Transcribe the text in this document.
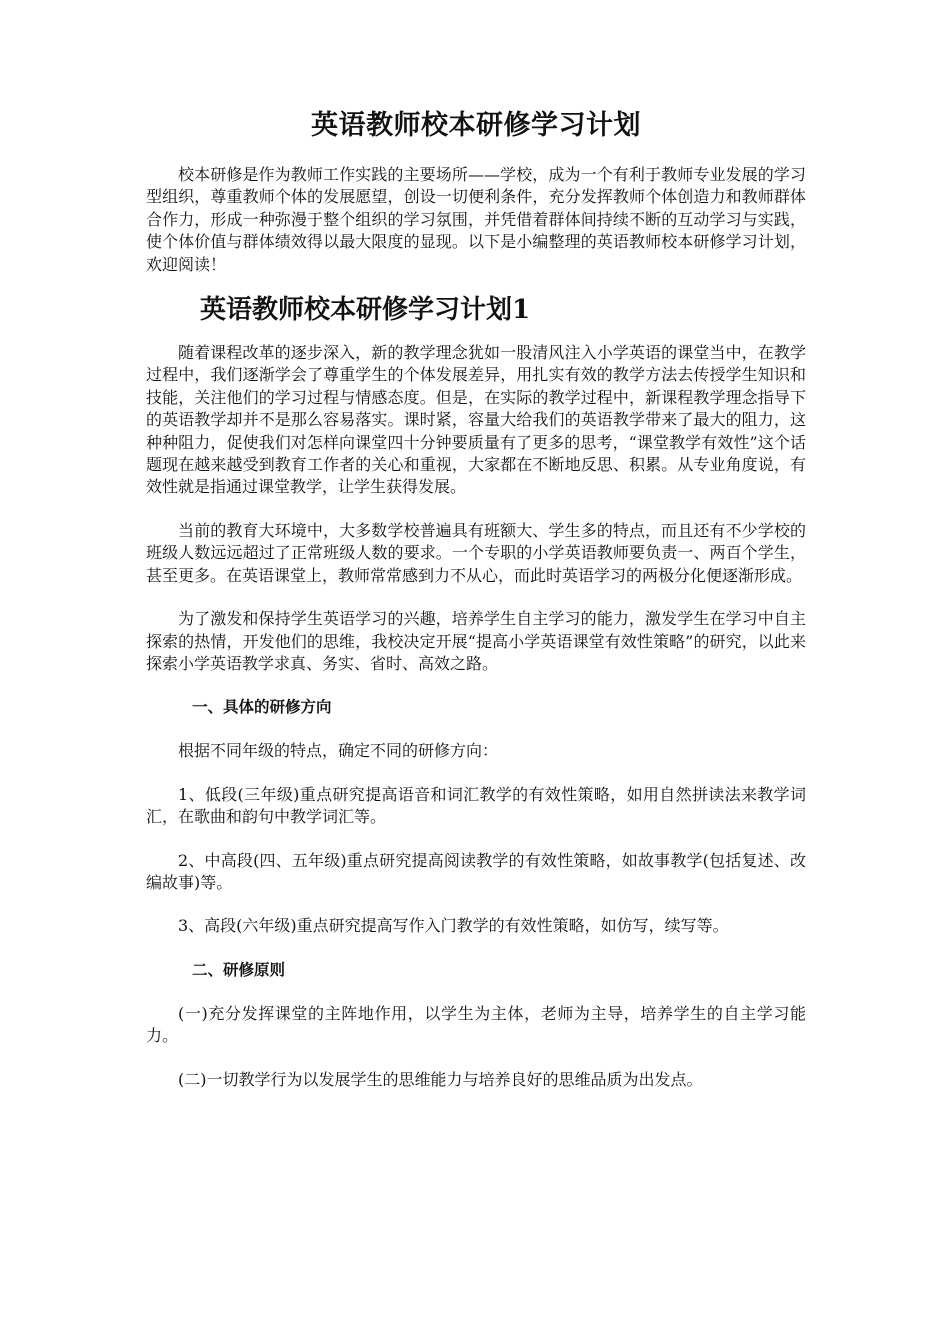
英语教师校本研修学习计划

校本研修是作为教师工作实践的主要场所——学校，成为一个有利于教师专业发展的学习型组织，尊重教师个体的发展愿望，创设一切便利条件，充分发挥教师个体创造力和教师群体合作力，形成一种弥漫于整个组织的学习氛围，并凭借着群体间持续不断的互动学习与实践，使个体价值与群体绩效得以最大限度的显现。以下是小编整理的英语教师校本研修学习计划，欢迎阅读！

英语教师校本研修学习计划1

随着课程改革的逐步深入，新的教学理念犹如一股清风注入小学英语的课堂当中，在教学过程中，我们逐渐学会了尊重学生的个体发展差异，用扎实有效的教学方法去传授学生知识和技能，关注他们的学习过程与情感态度。但是，在实际的教学过程中，新课程教学理念指导下的英语教学却并不是那么容易落实。课时紧，容量大给我们的英语教学带来了最大的阻力，这种种阻力，促使我们对怎样向课堂四十分钟要质量有了更多的思考，“课堂教学有效性”这个话题现在越来越受到教育工作者的关心和重视，大家都在不断地反思、积累。从专业角度说，有效性就是指通过课堂教学，让学生获得发展。

当前的教育大环境中，大多数学校普遍具有班额大、学生多的特点，而且还有不少学校的班级人数远远超过了正常班级人数的要求。一个专职的小学英语教师要负责一、两百个学生，甚至更多。在英语课堂上，教师常常感到力不从心，而此时英语学习的两极分化便逐渐形成。

为了激发和保持学生英语学习的兴趣，培养学生自主学习的能力，激发学生在学习中自主探索的热情，开发他们的思维，我校决定开展“提高小学英语课堂有效性策略”的研究，以此来探索小学英语教学求真、务实、省时、高效之路。

一、具体的研修方向

根据不同年级的特点，确定不同的研修方向：

1、低段(三年级)重点研究提高语音和词汇教学的有效性策略，如用自然拼读法来教学词汇，在歌曲和韵句中教学词汇等。

2、中高段(四、五年级)重点研究提高阅读教学的有效性策略，如故事教学(包括复述、改编故事)等。

3、高段(六年级)重点研究提高写作入门教学的有效性策略，如仿写，续写等。

二、研修原则

(一)充分发挥课堂的主阵地作用，以学生为主体，老师为主导，培养学生的自主学习能力。

(二)一切教学行为以发展学生的思维能力与培养良好的思维品质为出发点。
